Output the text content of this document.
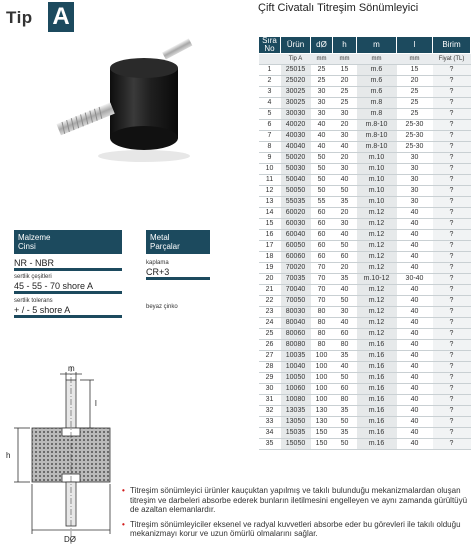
Tip A	Çift Civatalı Titreşim Sönümleyici
Sıra No	Ürün	dØ	h	m	l	Birim
	Tip A	mm	mm	mm	mm	Fiyat (TL)
1	25015	25	15	m.6	15	?
2	25020	25	20	m.6	20	?
3	30025	30	25	m.6	25	?
4	30025	30	25	m.8	25	?
5	30030	30	30	m.8	25	?
6	40020	40	20	m.8-10	25-30	?
7	40030	40	30	m.8-10	25-30	?
8	40040	40	40	m.8-10	25-30	?
9	50020	50	20	m.10	30	?
10	50030	50	30	m.10	30	?
11	50040	50	40	m.10	30	?
12	50050	50	50	m.10	30	?
13	55035	55	35	m.10	30	?
14	60020	60	20	m.12	40	?
15	60030	60	30	m.12	40	?
16	60040	60	40	m.12	40	?
17	60050	60	50	m.12	40	?
18	60060	60	60	m.12	40	?
19	70020	70	20	m.12	40	?
20	70035	70	35	m.10-12	30-40	?
21	70040	70	40	m.12	40	?
22	70050	70	50	m.12	40	?
23	80030	80	30	m.12	40	?
24	80040	80	40	m.12	40	?
25	80060	80	60	m.12	40	?
26	80080	80	80	m.16	40	?
27	10035	100	35	m.16	40	?
28	10040	100	40	m.16	40	?
29	10050	100	50	m.16	40	?
30	10060	100	60	m.16	40	?
31	10080	100	80	m.16	40	?
32	13035	130	35	m.16	40	?
33	13050	130	50	m.16	40	?
34	15035	150	35	m.16	40	?
35	15050	150	50	m.16	40	?
Malzeme
Cinsi
Metal
Parçalar
NR - NBR
sertlik çeşitleri
45 - 55 - 70 shore A
sertlik tolerans
+ / - 5 shore A
kaplama
CR+3
beyaz çinko
m
l
h
DØ
• Titreşim sönümleyici ürünler kauçuktan yapılmış ve takılı bulunduğu mekanizmalardan oluşan titreşim ve darbeleri absorbe ederek bunların iletilmesini engelleyen ve aynı zamanda gürültüyü de azaltan elemanlardır.
• Titreşim sönümleyiciler eksenel ve radyal kuvvetleri absorbe eder bu görevleri ile takılı olduğu mekanizmayı korur ve uzun ömürlü olmalarını sağlar.
